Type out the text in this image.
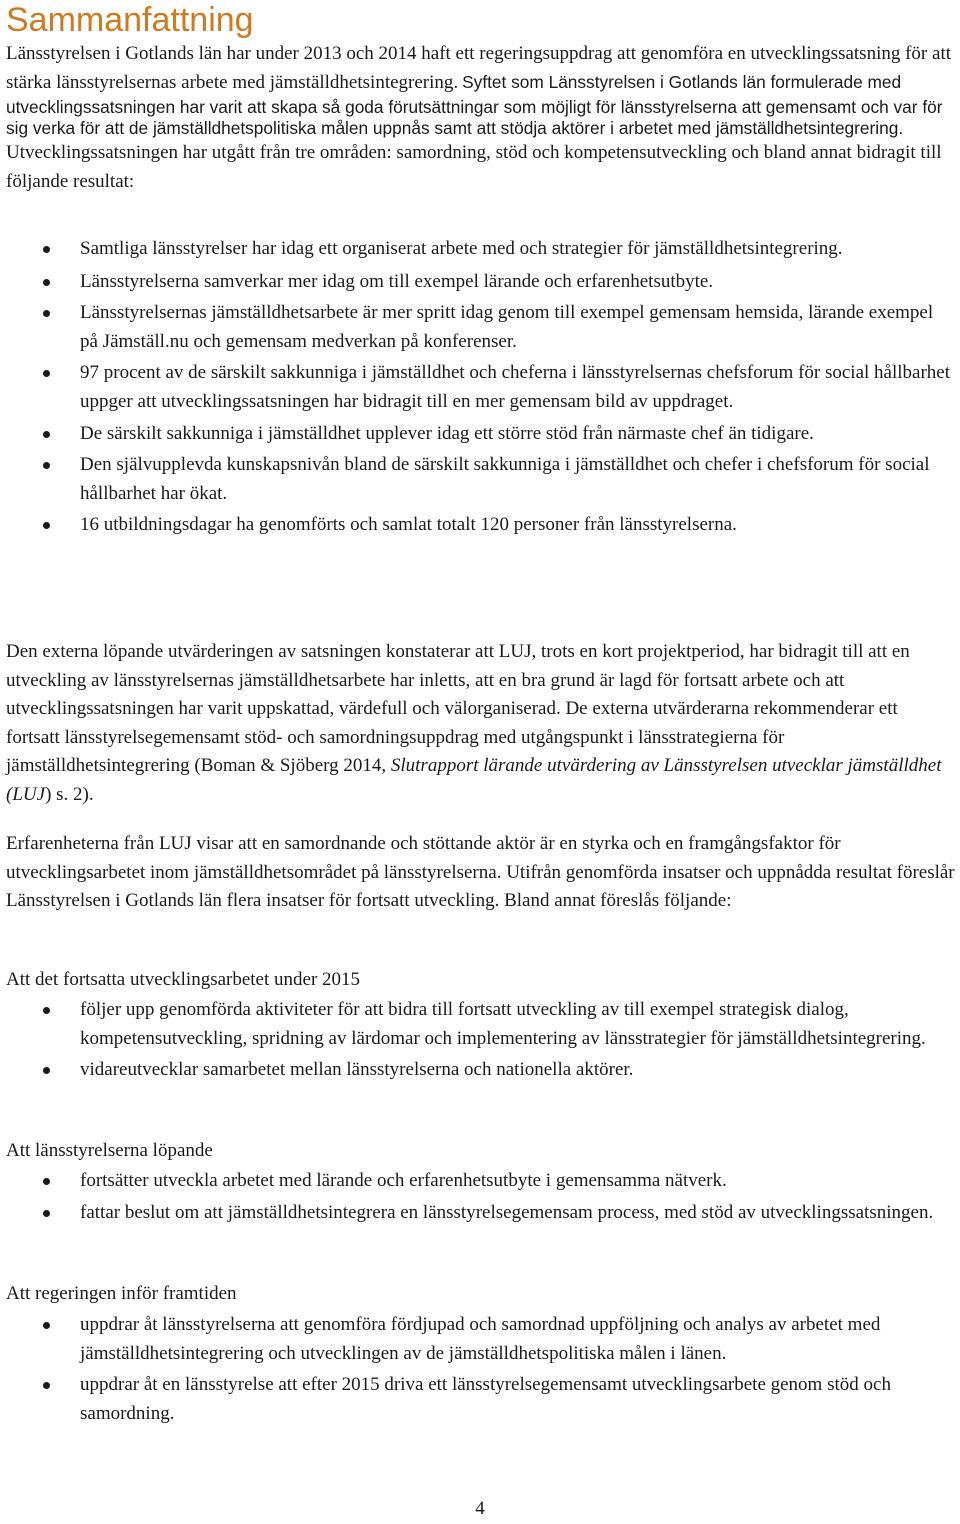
Sammanfattning
Länsstyrelsen i Gotlands län har under 2013 och 2014 haft ett regeringsuppdrag att genomföra en utvecklingssatsning för att stärka länsstyrelsernas arbete med jämställdhetsintegrering. Syftet som Länsstyrelsen i Gotlands län formulerade med utvecklingssatsningen har varit att skapa så goda förutsättningar som möjligt för länsstyrelserna att gemensamt och var för sig verka för att de jämställdhetspolitiska målen uppnås samt att stödja aktörer i arbetet med jämställdhetsintegrering. Utvecklingssatsningen har utgått från tre områden: samordning, stöd och kompetensutveckling och bland annat bidragit till följande resultat:
Samtliga länsstyrelser har idag ett organiserat arbete med och strategier för jämställdhetsintegrering.
Länsstyrelserna samverkar mer idag om till exempel lärande och erfarenhetsutbyte.
Länsstyrelsernas jämställdhetsarbete är mer spritt idag genom till exempel gemensam hemsida, lärande exempel på Jämställ.nu och gemensam medverkan på konferenser.
97 procent av de särskilt sakkunniga i jämställdhet och cheferna i länsstyrelsernas chefsforum för social hållbarhet uppger att utvecklingssatsningen har bidragit till en mer gemensam bild av uppdraget.
De särskilt sakkunniga i jämställdhet upplever idag ett större stöd från närmaste chef än tidigare.
Den självupplevda kunskapsnivån bland de särskilt sakkunniga i jämställdhet och chefer i chefsforum för social hållbarhet har ökat.
16 utbildningsdagar ha genomförts och samlat totalt 120 personer från länsstyrelserna.

Den externa löpande utvärderingen av satsningen konstaterar att LUJ, trots en kort projektperiod, har bidragit till att en utveckling av länsstyrelsernas jämställdhetsarbete har inletts, att en bra grund är lagd för fortsatt arbete och att utvecklingssatsningen har varit uppskattad, värdefull och välorganiserad. De externa utvärderarna rekommenderar ett fortsatt länsstyrelsegemensamt stöd- och samordningsuppdrag med utgångspunkt i länsstrategierna för jämställdhetsintegrering (Boman & Sjöberg 2014, Slutrapport lärande utvärdering av Länsstyrelsen utvecklar jämställdhet (LUJ) s. 2).

Erfarenheterna från LUJ visar att en samordnande och stöttande aktör är en styrka och en framgångsfaktor för utvecklingsarbetet inom jämställdhetsområdet på länsstyrelserna. Utifrån genomförda insatser och uppnådda resultat föreslår Länsstyrelsen i Gotlands län flera insatser för fortsatt utveckling. Bland annat föreslås följande:

Att det fortsatta utvecklingsarbetet under 2015

följer upp genomförda aktiviteter för att bidra till fortsatt utveckling av till exempel strategisk dialog, kompetensutveckling, spridning av lärdomar och implementering av länsstrategier för jämställdhetsintegrering.
vidareutvecklar samarbetet mellan länsstyrelserna och nationella aktörer.

Att länsstyrelserna löpande

fortsätter utveckla arbetet med lärande och erfarenhetsutbyte i gemensamma nätverk.
fattar beslut om att jämställdhetsintegrera en länsstyrelsegemensam process, med stöd av utvecklingssatsningen.

Att regeringen inför framtiden

uppdrar åt länsstyrelserna att genomföra fördjupad och samordnad uppföljning och analys av arbetet med jämställdhetsintegrering och utvecklingen av de jämställdhetspolitiska målen i länen.
uppdrar åt en länsstyrelse att efter 2015 driva ett länsstyrelsegemensamt utvecklingsarbete genom stöd och samordning.
4
